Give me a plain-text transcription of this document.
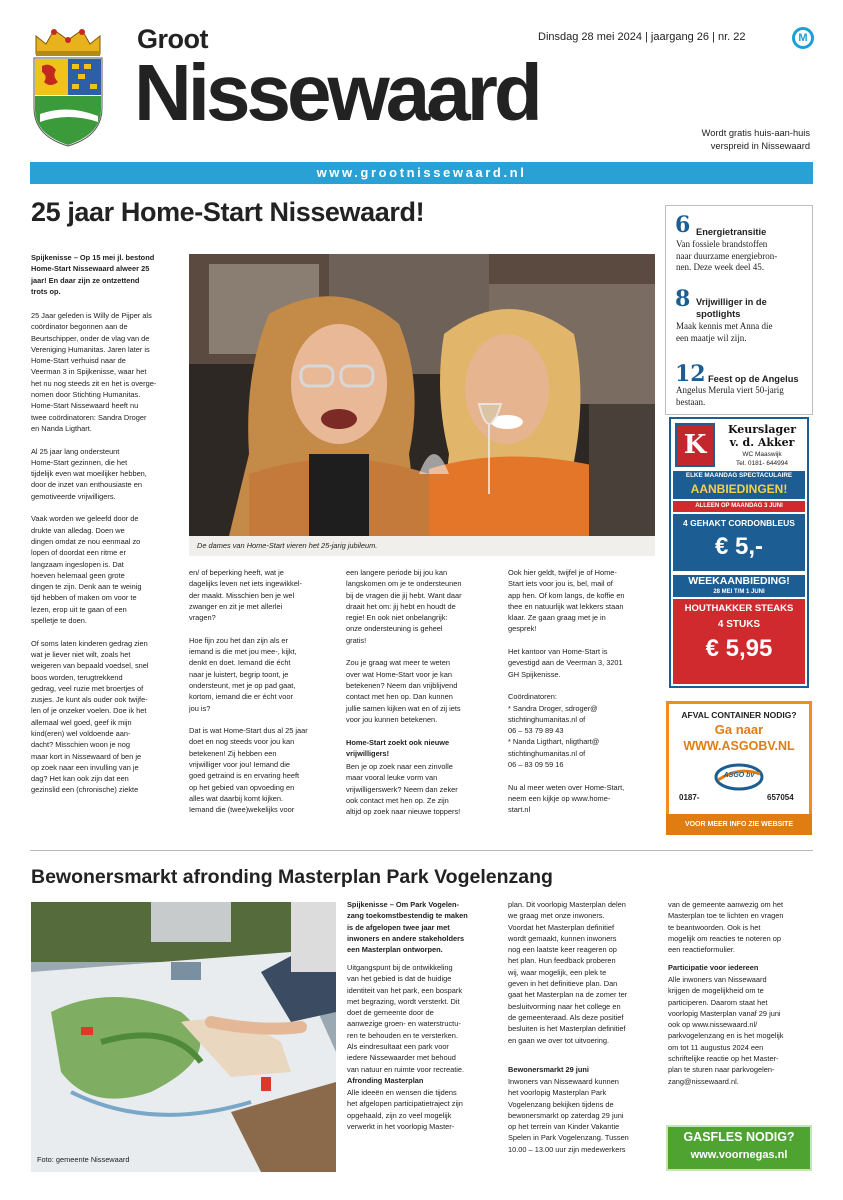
Groot
Nissewaard
Dinsdag 28 mei 2024 | jaargang 26 | nr. 22	M
Wordt gratis huis-aan-huis
verspreid in Nissewaard
www.grootnissewaard.nl
25 jaar Home-Start Nissewaard!

Spijkenisse – Op 15 mei jl. bestond
Home-Start Nissewaard alweer 25
jaar! En daar zijn ze ontzettend
trots op.

25 Jaar geleden is Willy de Pijper als
coördinator begonnen aan de
Beurtschipper, onder de vlag van de
Vereniging Humanitas. Jaren later is
Home-Start verhuisd naar de
Veerman 3 in Spijkenisse, waar het
het nu nog steeds zit en het is overge-
nomen door Stichting Humanitas.
Home-Start Nissewaard heeft nu
twee coördinatoren: Sandra Droger
en Nanda Ligthart.

Al 25 jaar lang ondersteunt
Home-Start gezinnen, die het
tijdelijk even wat moeilijker hebben,
door de inzet van enthousiaste en
gemotiveerde vrijwilligers.

Vaak worden we geleefd door de
drukte van alledag. Doen we
dingen omdat ze nou eenmaal zo
lopen of doordat een ritme er
langzaam ingeslopen is. Dat
hoeven helemaal geen grote
dingen te zijn. Denk aan te weinig
tijd hebben of maken om voor te
lezen, erop uit te gaan of een
spelletje te doen.

Of soms laten kinderen gedrag zien
wat je liever niet wilt, zoals het
weigeren van bepaald voedsel, snel
boos worden, terugtrekkend
gedrag, veel ruzie met broertjes of
zusjes. Je kunt als ouder ook twijfe-
len of je onzeker voelen. Doe ik het
allemaal wel goed, geef ik mijn
kind(eren) wel voldoende aan-
dacht? Misschien woon je nog
maar kort in Nissewaard of ben je
op zoek naar een invulling van je
dag? Het kan ook zijn dat een
gezinslid een (chronische) ziekte

De dames van Home-Start vieren het 25-jarig jubileum.

en/ of beperking heeft, wat je
dagelijks leven net iets ingewikkel-
der maakt. Misschien ben je wel
zwanger en zit je met allerlei
vragen?

Hoe fijn zou het dan zijn als er
iemand is die met jou mee-, kijkt,
denkt en doet. Iemand die écht
naar je luistert, begrip toont, je
ondersteunt, met je op pad gaat,
kortom, iemand die er écht voor
jou is?

Dat is wat Home-Start dus al 25 jaar
doet en nog steeds voor jou kan
betekenen! Zij hebben een
vrijwilliger voor jou! Iemand die
goed getraind is en ervaring heeft
op het gebied van opvoeding en
alles wat daarbij komt kijken.
Iemand die (twee)wekelijks voor

een langere periode bij jou kan
langskomen om je te ondersteunen
bij de vragen die jij hebt. Want daar
draait het om: jij hebt en houdt de
regie! En ook niet onbelangrijk:
onze ondersteuning is geheel
gratis!

Zou je graag wat meer te weten
over wat Home-Start voor je kan
betekenen? Neem dan vrijblijvend
contact met hen op. Dan kunnen
jullie samen kijken wat en of zij iets
voor jou kunnen betekenen.

Home-Start zoekt ook nieuwe
vrijwilligers!

Ben je op zoek naar een zinvolle
maar vooral leuke vorm van
vrijwilligerswerk? Neem dan zeker
ook contact met hen op. Ze zijn
altijd op zoek naar nieuwe toppers!

Ook hier geldt, twijfel je of Home-
Start iets voor jou is, bel, mail of
app hen. Of kom langs, de koffie en
thee en natuurlijk wat lekkers staan
klaar. Ze gaan graag met je in
gesprek!

Het kantoor van Home-Start is
gevestigd aan de Veerman 3, 3201
GH Spijkenisse.

Coördinatoren:
* Sandra Droger, sdroger@
stichtinghumanitas.nl of
06 – 53 79 89 43
* Nanda Ligthart, nligthart@
stichtinghumanitas.nl of
06 – 83 09 59 16

Nu al meer weten over Home-Start,
neem een kijkje op www.home-
start.nl

6 Energietransitie
Van fossiele brandstoffen
naar duurzame energiebron-
nen. Deze week deel 45.
8 Vrijwilliger in de
spotlights
Maak kennis met Anna die
een maatje wil zijn.
12 Feest op de Angelus
Angelus Merula viert 50-jarig
bestaan.
K
Keurslager
v. d. Akker
WC Maaswijk
Tel. 0181- 644994
ELKE MAANDAG SPECTACULAIRE
AANBIEDINGEN!
ALLEEN OP MAANDAG 3 JUNI
4 GEHAKT CORDONBLEUS
€ 5,-
WEEKAANBIEDING!
28 MEI T/M 1 JUNI
HOUTHAKKER STEAKS
4 STUKS
€ 5,95
AFVAL CONTAINER NODIG?
Ga naar
WWW.ASGOBV.NL
ASGO bv
0187-	657054
VOOR MEER INFO ZIE WEBSITE
Bewonersmarkt afronding Masterplan Park Vogelenzang
Foto: gemeente Nissewaard

Spijkenisse – Om Park Vogelen-
zang toekomstbestendig te maken
is de afgelopen twee jaar met
inwoners en andere stakeholders
een Masterplan ontworpen.

Uitgangspunt bij de ontwikkeling
van het gebied is dat de huidige
identiteit van het park, een bospark
met begrazing, wordt versterkt. Dit
doet de gemeente door de
aanwezige groen- en waterstructu-
ren te behouden en te versterken.
Als eindresultaat een park voor
iedere Nissewaarder met behoud
van natuur en ruimte voor recreatie.

Afronding Masterplan

Alle ideeën en wensen die tijdens
het afgelopen participatietraject zijn
opgehaald, zijn zo veel mogelijk
verwerkt in het voorlopig Master-

plan. Dit voorlopig Masterplan delen
we graag met onze inwoners.
Voordat het Masterplan definitief
wordt gemaakt, kunnen inwoners
nog een laatste keer reageren op
het plan. Hun feedback proberen
wij, waar mogelijk, een plek te
geven in het definitieve plan. Dan
gaat het Masterplan na de zomer ter
besluitvorming naar het college en
de gemeenteraad. Als deze positief
besluiten is het Masterplan definitief
en gaan we over tot uitvoering.

Bewonersmarkt 29 juni

Inwoners van Nissewaard kunnen
het voorlopig Masterplan Park
Vogelenzang bekijken tijdens de
bewonersmarkt op zaterdag 29 juni
op het terrein van Kinder Vakantie
Spelen in Park Vogelenzang. Tussen
10.00 – 13.00 uur zijn medewerkers

van de gemeente aanwezig om het
Masterplan toe te lichten en vragen
te beantwoorden. Ook is het
mogelijk om reacties te noteren op
een reactieformulier.

Participatie voor iedereen

Alle inwoners van Nissewaard
krijgen de mogelijkheid om te
participeren. Daarom staat het
voorlopig Masterplan vanaf 29 juni
ook op www.nissewaard.nl/
parkvogelenzang en is het mogelijk
om tot 11 augustus 2024 een
schriftelijke reactie op het Master-
plan te sturen naar parkvogelen-
zang@nissewaard.nl.

GASFLES NODIG?
www.voornegas.nl
